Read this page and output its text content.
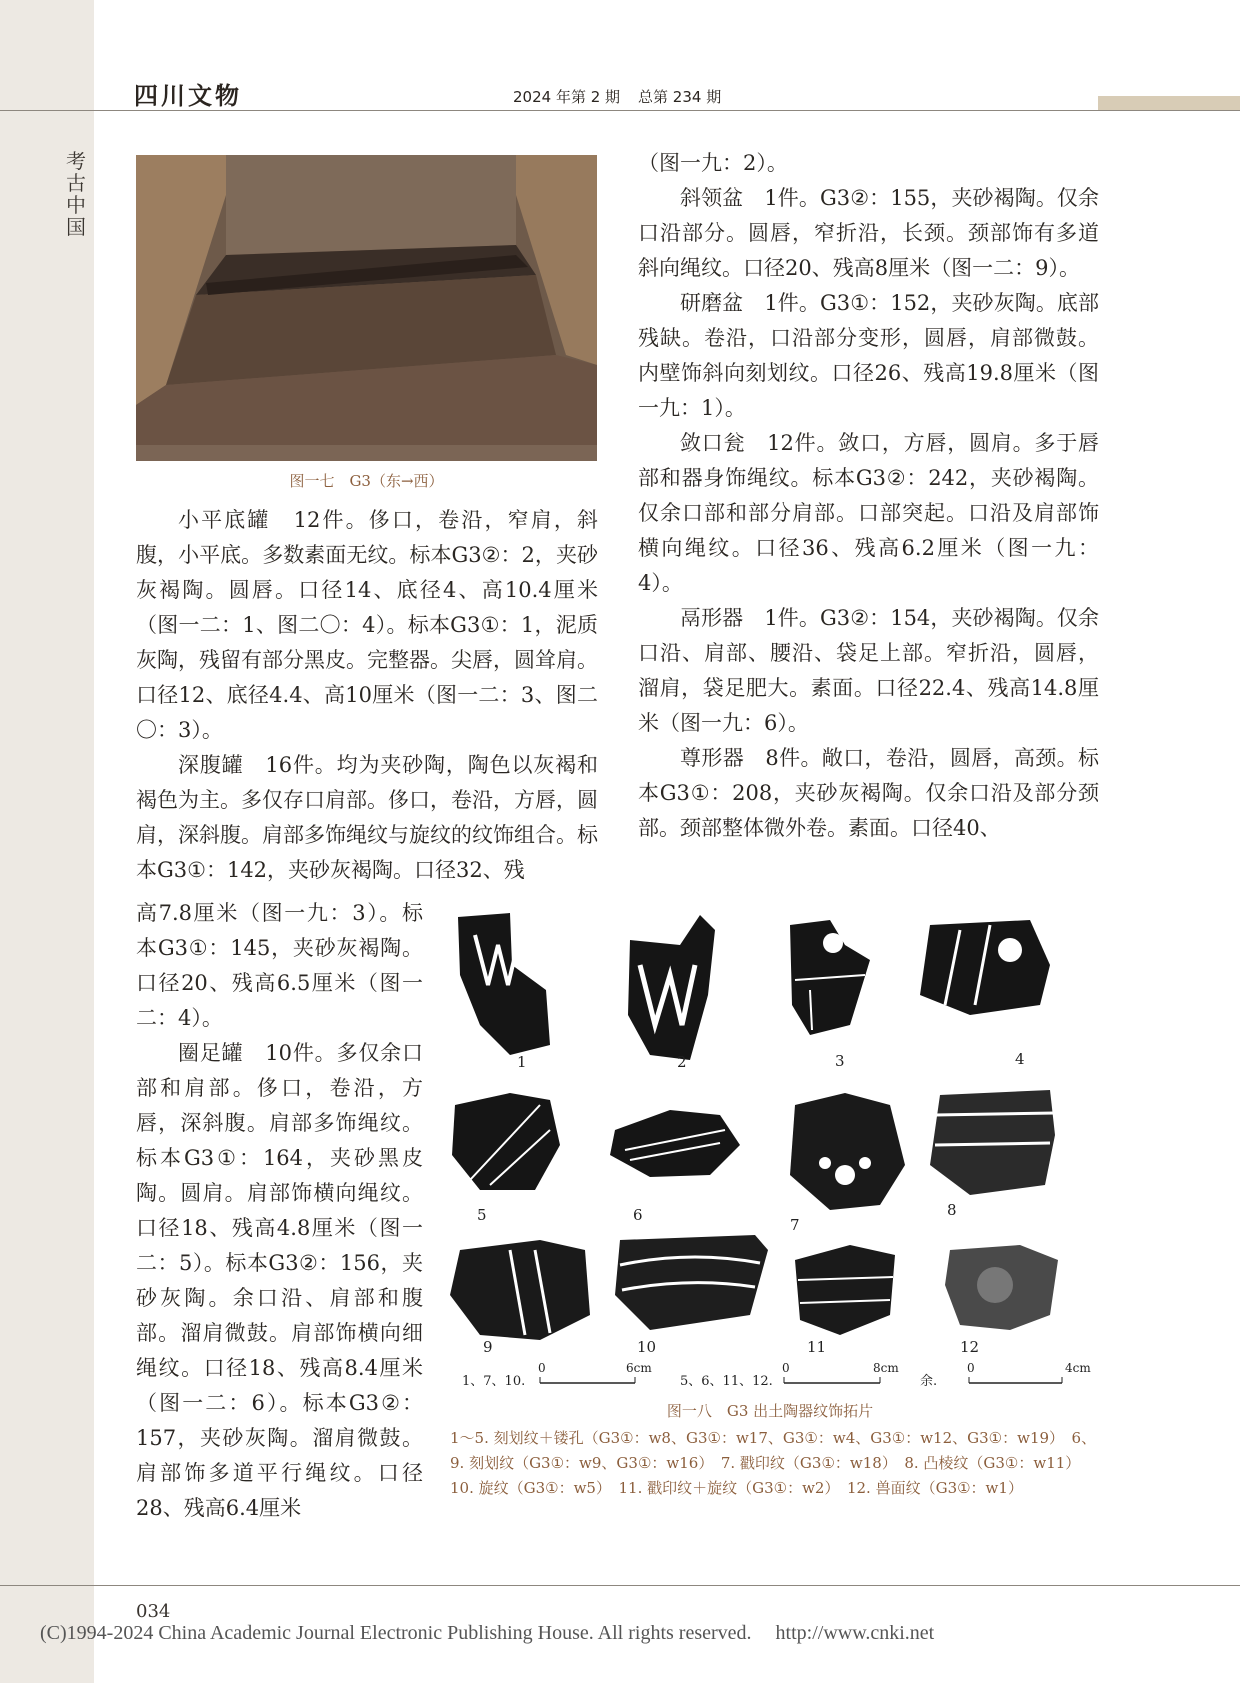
考古中国
四川文物	2024 年第 2 期 总第 234 期
图一七　G3（东→西）

小平底罐　12件。侈口，卷沿，窄肩，斜腹，小平底。多数素面无纹。标本G3②：2，夹砂灰褐陶。圆唇。口径14、底径4、高10.4厘米（图一二：1、图二〇：4）。标本G3①：1，泥质灰陶，残留有部分黑皮。完整器。尖唇，圆耸肩。口径12、底径4.4、高10厘米（图一二：3、图二〇：3）。

深腹罐　16件。均为夹砂陶，陶色以灰褐和褐色为主。多仅存口肩部。侈口，卷沿，方唇，圆肩，深斜腹。肩部多饰绳纹与旋纹的纹饰组合。标本G3①：142，夹砂灰褐陶。口径32、残

高7.8厘米（图一九：3）。标本G3①：145，夹砂灰褐陶。口径20、残高6.5厘米（图一二：4）。

圈足罐　10件。多仅余口部和肩部。侈口，卷沿，方唇，深斜腹。肩部多饰绳纹。标本G3①：164，夹砂黑皮陶。圆肩。肩部饰横向绳纹。口径18、残高4.8厘米（图一二：5）。标本G3②：156，夹砂灰陶。余口沿、肩部和腹部。溜肩微鼓。肩部饰横向细绳纹。口径18、残高8.4厘米（图一二：6）。标本G3②：157，夹砂灰陶。溜肩微鼓。肩部饰多道平行绳纹。口径28、残高6.4厘米

（图一九：2）。

斜领盆　1件。G3②：155，夹砂褐陶。仅余口沿部分。圆唇，窄折沿，长颈。颈部饰有多道斜向绳纹。口径20、残高8厘米（图一二：9）。

研磨盆　1件。G3①：152，夹砂灰陶。底部残缺。卷沿，口沿部分变形，圆唇，肩部微鼓。内壁饰斜向刻划纹。口径26、残高19.8厘米（图一九：1）。

敛口瓮　12件。敛口，方唇，圆肩。多于唇部和器身饰绳纹。标本G3②：242，夹砂褐陶。仅余口部和部分肩部。口部突起。口沿及肩部饰横向绳纹。口径36、残高6.2厘米（图一九：4）。

鬲形器　1件。G3②：154，夹砂褐陶。仅余口沿、肩部、腰沿、袋足上部。窄折沿，圆唇，溜肩，袋足肥大。素面。口径22.4、残高14.8厘米（图一九：6）。

尊形器　8件。敞口，卷沿，圆唇，高颈。标本G3①：208，夹砂灰褐陶。仅余口沿及部分颈部。颈部整体微外卷。素面。口径40、

1	2	3	4
5	6
7
8
9	10	11	12
1、7、10.
0	6cm
5、6、11、12.
0	8cm
余.
0	4cm
图一八　G3 出土陶器纹饰拓片
1～5. 刻划纹＋镂孔（G3①：w8、G3①：w17、G3①：w4、G3①：w12、G3①：w19）　6、9. 刻划纹（G3①：w9、G3①：w16）　7. 戳印纹（G3①：w18）　8. 凸棱纹（G3①：w11）　10. 旋纹（G3①：w5）　11. 戳印纹＋旋纹（G3①：w2）　12. 兽面纹（G3①：w1）
034
(C)1994-2024 China Academic Journal Electronic Publishing House. All rights reserved. http://www.cnki.net
